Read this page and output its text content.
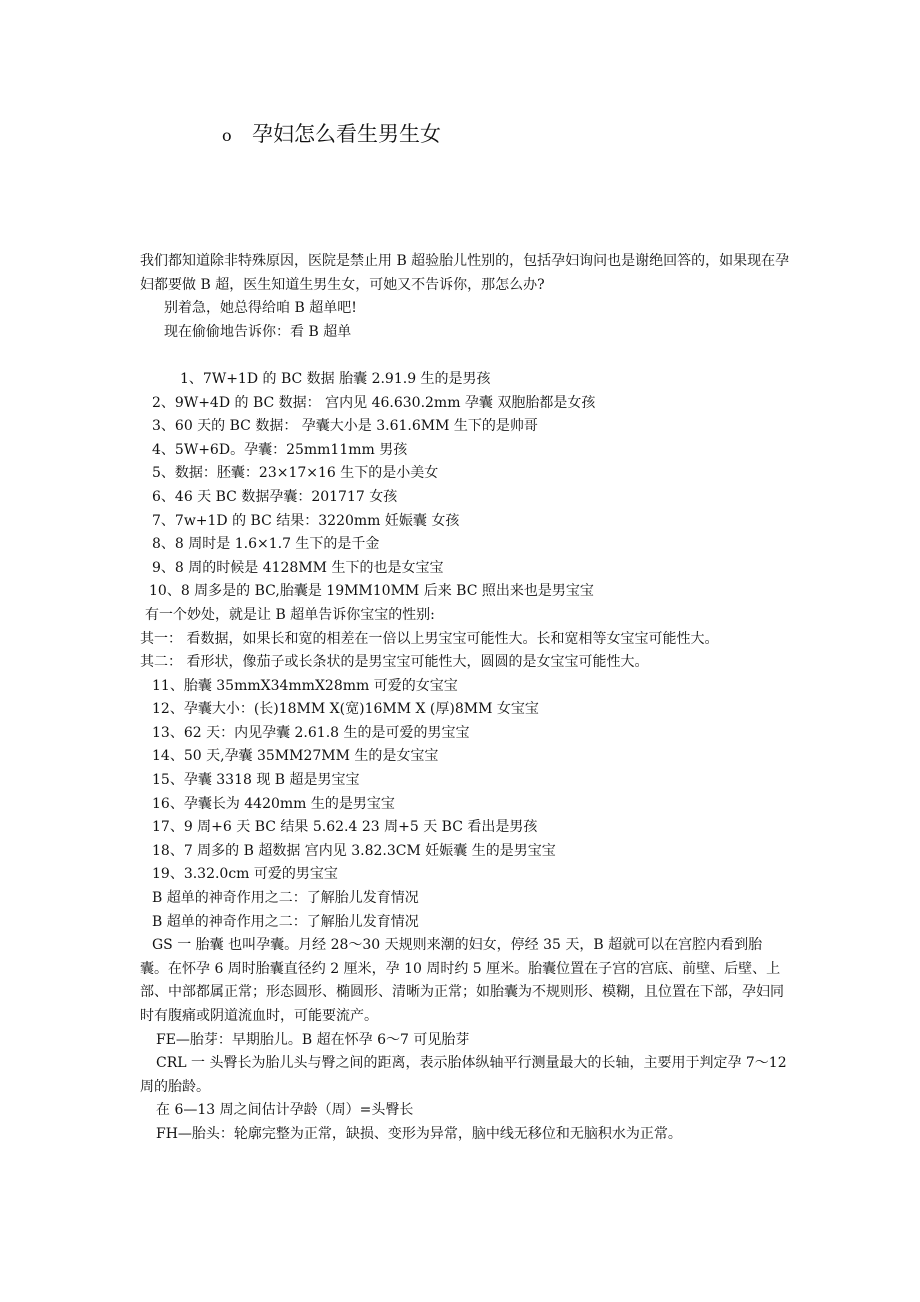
o 孕妇怎么看生男生女
我们都知道除非特殊原因，医院是禁止用 B 超验胎儿性别的，包括孕妇询问也是谢绝回答的，如果现在孕妇都要做 B 超，医生知道生男生女，可她又不告诉你，那怎么办?
别着急，她总得给咱 B 超单吧!
现在偷偷地告诉你：看 B 超单
1、7W+1D 的 BC 数据 胎囊 2.91.9 生的是男孩
2、9W+4D 的 BC 数据： 宫内见 46.630.2mm 孕囊 双胞胎都是女孩
3、60 天的 BC 数据： 孕囊大小是 3.61.6MM 生下的是帅哥
4、5W+6D。孕囊：25mm11mm 男孩
5、数据：胚囊：23×17×16 生下的是小美女
6、46 天 BC 数据孕囊：201717 女孩
7、7w+1D 的 BC 结果：3220mm 妊娠囊 女孩
8、8 周时是 1.6×1.7 生下的是千金
9、8 周的时候是 4128MM 生下的也是女宝宝
10、8 周多是的 BC,胎囊是 19MM10MM 后来 BC 照出来也是男宝宝
有一个妙处，就是让 B 超单告诉你宝宝的性别:
其一： 看数据，如果长和宽的相差在一倍以上男宝宝可能性大。长和宽相等女宝宝可能性大。
其二： 看形状，像茄子或长条状的是男宝宝可能性大，圆圆的是女宝宝可能性大。
11、胎囊 35mmX34mmX28mm 可爱的女宝宝
12、孕囊大小：(长)18MM X(宽)16MM X (厚)8MM 女宝宝
13、62 天：内见孕囊 2.61.8 生的是可爱的男宝宝
14、50 天,孕囊 35MM27MM 生的是女宝宝
15、孕囊 3318 现 B 超是男宝宝
16、孕囊长为 4420mm 生的是男宝宝
17、9 周+6 天 BC 结果 5.62.4 23 周+5 天 BC 看出是男孩
18、7 周多的 B 超数据 宫内见 3.82.3CM 妊娠囊 生的是男宝宝
19、3.32.0cm 可爱的男宝宝
B 超单的神奇作用之二：了解胎儿发育情况
B 超单的神奇作用之二：了解胎儿发育情况
GS 一 胎囊 也叫孕囊。月经 28～30 天规则来潮的妇女，停经 35 天，B 超就可以在宫腔内看到胎囊。在怀孕 6 周时胎囊直径约 2 厘米，孕 10 周时约 5 厘米。胎囊位置在子宫的宫底、前壁、后壁、上部、中部都属正常；形态圆形、椭圆形、清晰为正常；如胎囊为不规则形、模糊，且位置在下部，孕妇同时有腹痛或阴道流血时，可能要流产。
FE—胎芽：早期胎儿。B 超在怀孕 6～7 可见胎芽
CRL 一 头臀长为胎儿头与臀之间的距离，表示胎体纵轴平行测量最大的长轴，主要用于判定孕 7～12 周的胎龄。
在 6—13 周之间估计孕龄（周）=头臀长
FH—胎头：轮廓完整为正常，缺损、变形为异常，脑中线无移位和无脑积水为正常。
